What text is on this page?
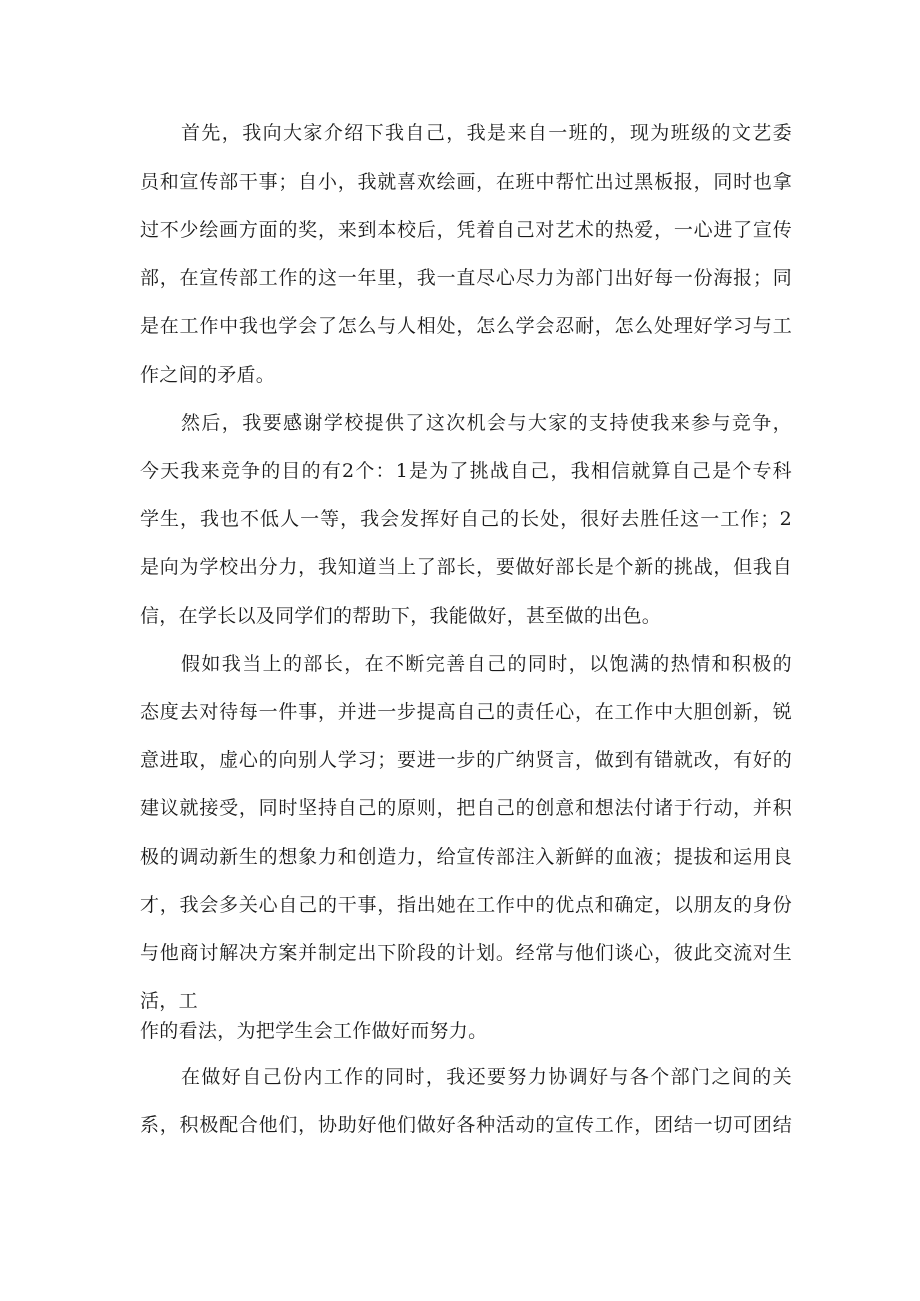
首先，我向大家介绍下我自己，我是来自一班的，现为班级的文艺委
员和宣传部干事；自小，我就喜欢绘画，在班中帮忙出过黑板报，同时也拿
过不少绘画方面的奖，来到本校后，凭着自己对艺术的热爱，一心进了宣传
部，在宣传部工作的这一年里，我一直尽心尽力为部门出好每一份海报；同
是在工作中我也学会了怎么与人相处，怎么学会忍耐，怎么处理好学习与工
作之间的矛盾。
然后，我要感谢学校提供了这次机会与大家的支持使我来参与竞争，
今天我来竞争的目的有2个：1是为了挑战自己，我相信就算自己是个专科
学生，我也不低人一等，我会发挥好自己的长处，很好去胜任这一工作；2
是向为学校出分力，我知道当上了部长，要做好部长是个新的挑战，但我自
信，在学长以及同学们的帮助下，我能做好，甚至做的出色。
假如我当上的部长，在不断完善自己的同时，以饱满的热情和积极的
态度去对待每一件事，并进一步提高自己的责任心，在工作中大胆创新，锐
意进取，虚心的向别人学习；要进一步的广纳贤言，做到有错就改，有好的
建议就接受，同时坚持自己的原则，把自己的创意和想法付诸于行动，并积
极的调动新生的想象力和创造力，给宣传部注入新鲜的血液；提拔和运用良
才，我会多关心自己的干事，指出她在工作中的优点和确定，以朋友的身份
与他商讨解决方案并制定出下阶段的计划。经常与他们谈心，彼此交流对生
活，工
作的看法，为把学生会工作做好而努力。
在做好自己份内工作的同时，我还要努力协调好与各个部门之间的关
系，积极配合他们，协助好他们做好各种活动的宣传工作，团结一切可团结
